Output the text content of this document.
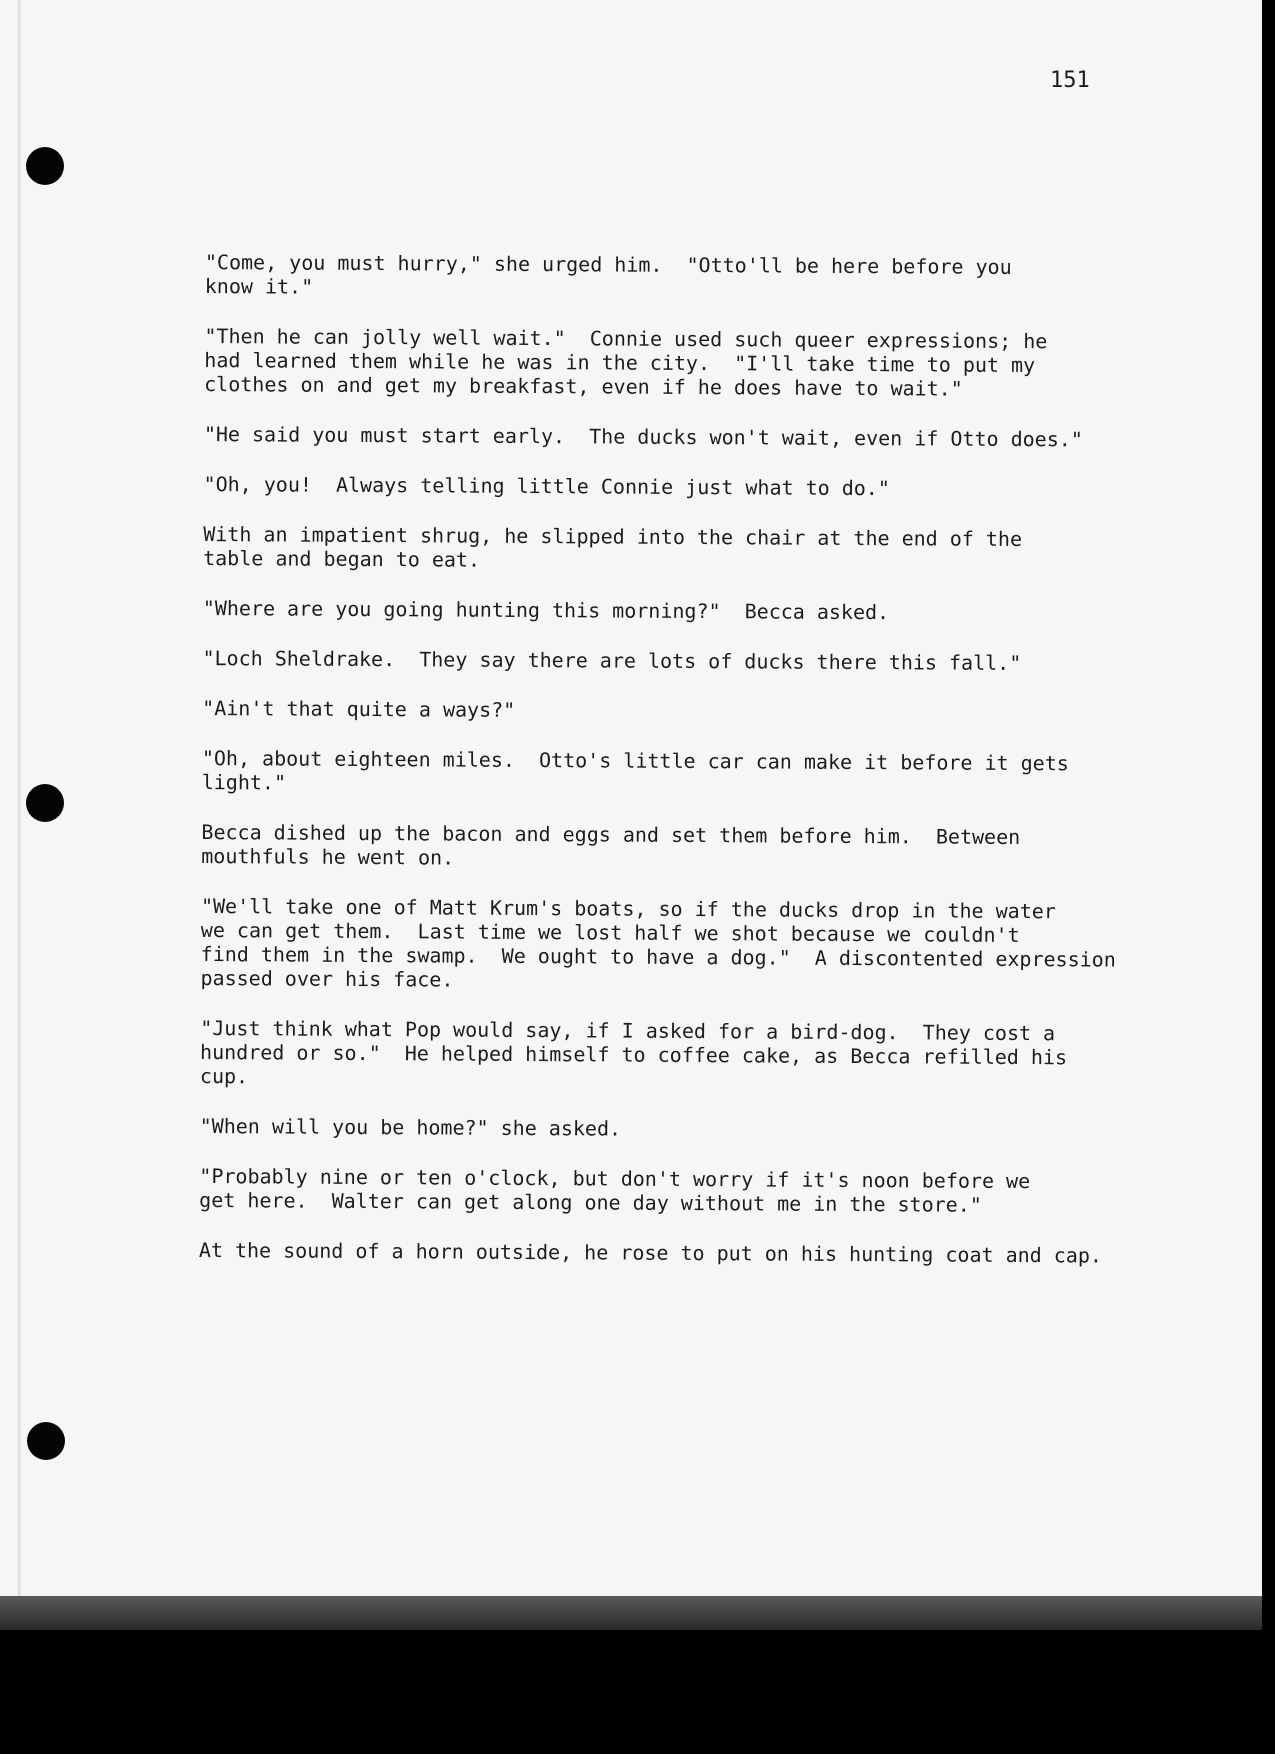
151

"Come, you must hurry," she urged him.  "Otto'll be here before you
know it."

"Then he can jolly well wait."  Connie used such queer expressions; he
had learned them while he was in the city.  "I'll take time to put my
clothes on and get my breakfast, even if he does have to wait."

"He said you must start early.  The ducks won't wait, even if Otto does."

"Oh, you!  Always telling little Connie just what to do."

With an impatient shrug, he slipped into the chair at the end of the
table and began to eat.

"Where are you going hunting this morning?"  Becca asked.

"Loch Sheldrake.  They say there are lots of ducks there this fall."

"Ain't that quite a ways?"

"Oh, about eighteen miles.  Otto's little car can make it before it gets
light."

Becca dished up the bacon and eggs and set them before him.  Between
mouthfuls he went on.

"We'll take one of Matt Krum's boats, so if the ducks drop in the water
we can get them.  Last time we lost half we shot because we couldn't
find them in the swamp.  We ought to have a dog."  A discontented expression
passed over his face.

"Just think what Pop would say, if I asked for a bird-dog.  They cost a
hundred or so."  He helped himself to coffee cake, as Becca refilled his
cup.

"When will you be home?" she asked.

"Probably nine or ten o'clock, but don't worry if it's noon before we
get here.  Walter can get along one day without me in the store."

At the sound of a horn outside, he rose to put on his hunting coat and cap.
